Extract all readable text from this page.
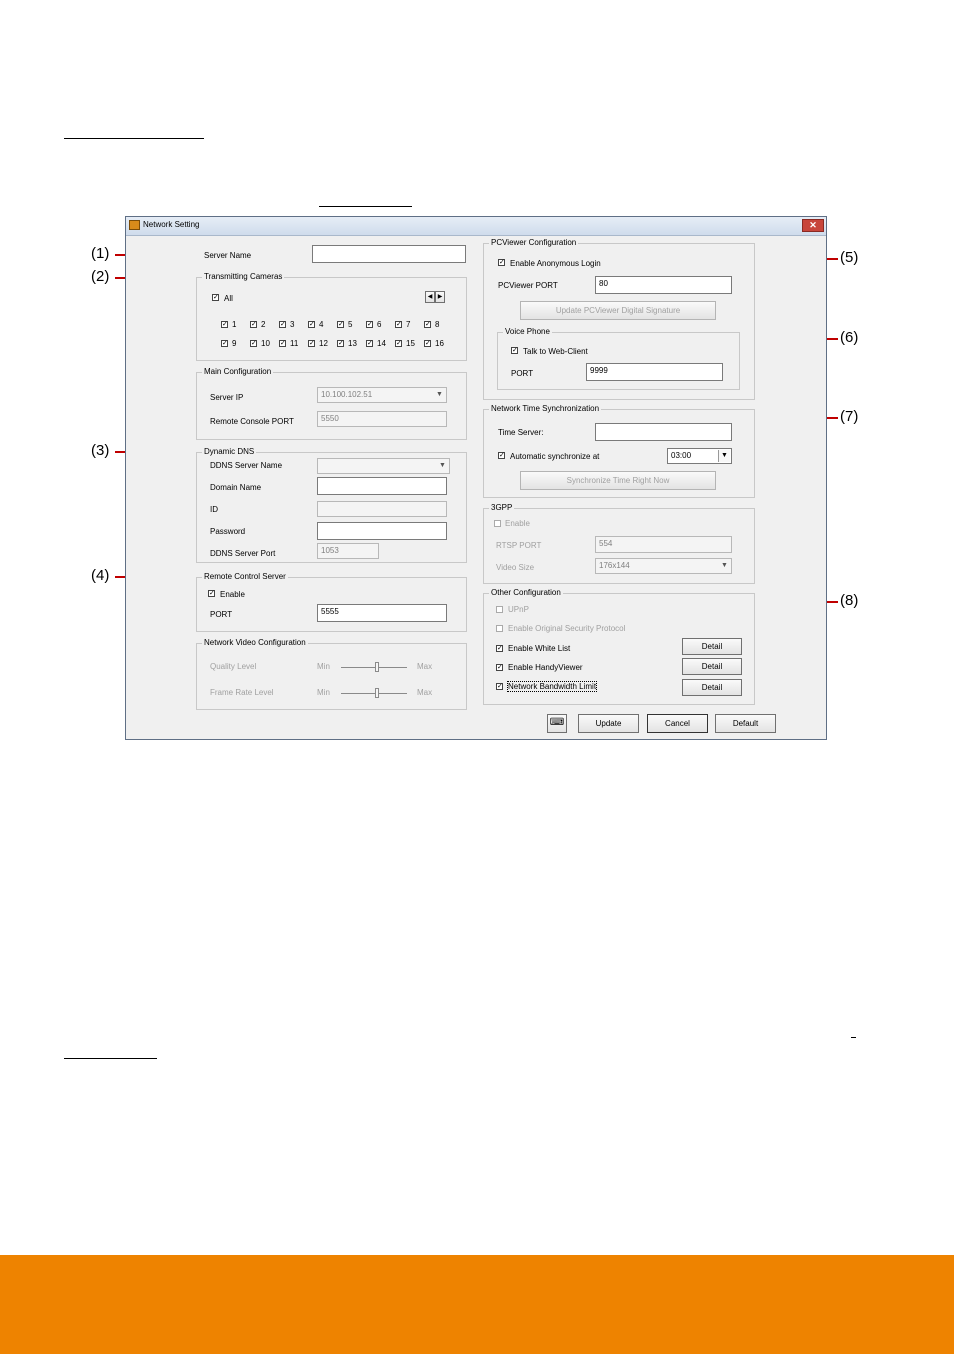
(1)
(2)
(3)
(4)
(5)
(6)
(7)
(8)
Network Setting	✕
Server Name
Transmitting Cameras
✓ All	◀ ▶
Main Configuration
Server IP	10.100.102.51	▼
Remote Console PORT	5550
Dynamic DNS
DDNS Server Name	▼
Domain Name
ID
Password
DDNS Server Port	1053
Remote Control Server
✓ Enable
PORT	5555
Network Video Configuration
Quality Level	Min	Max
Frame Rate Level	Min	Max
PCViewer Configuration
✓ Enable Anonymous Login
PCViewer PORT	80
Update PCViewer Digital Signature
Voice Phone
✓ Talk to Web-Client
PORT	9999
Network Time Synchronization
Time Server:
✓ Automatic synchronize at	03:00	▼
Synchronize Time Right Now
3GPP
Enable
RTSP PORT	554
Video Size	176x144	▼
Other Configuration
UPnP
Enable Original Security Protocol
✓ Enable White List	Detail
✓ Enable HandyViewer	Detail
✓ Network Bandwidth Limit	Detail
⌨	Update	Cancel	Default
✓ 1 ✓ 2 ✓ 3 ✓ 4 ✓ 5 ✓ 6 ✓ 7 ✓ 8
✓ 9 ✓ 10 ✓ 11 ✓ 12 ✓ 13 ✓ 14 ✓ 15 ✓ 16
